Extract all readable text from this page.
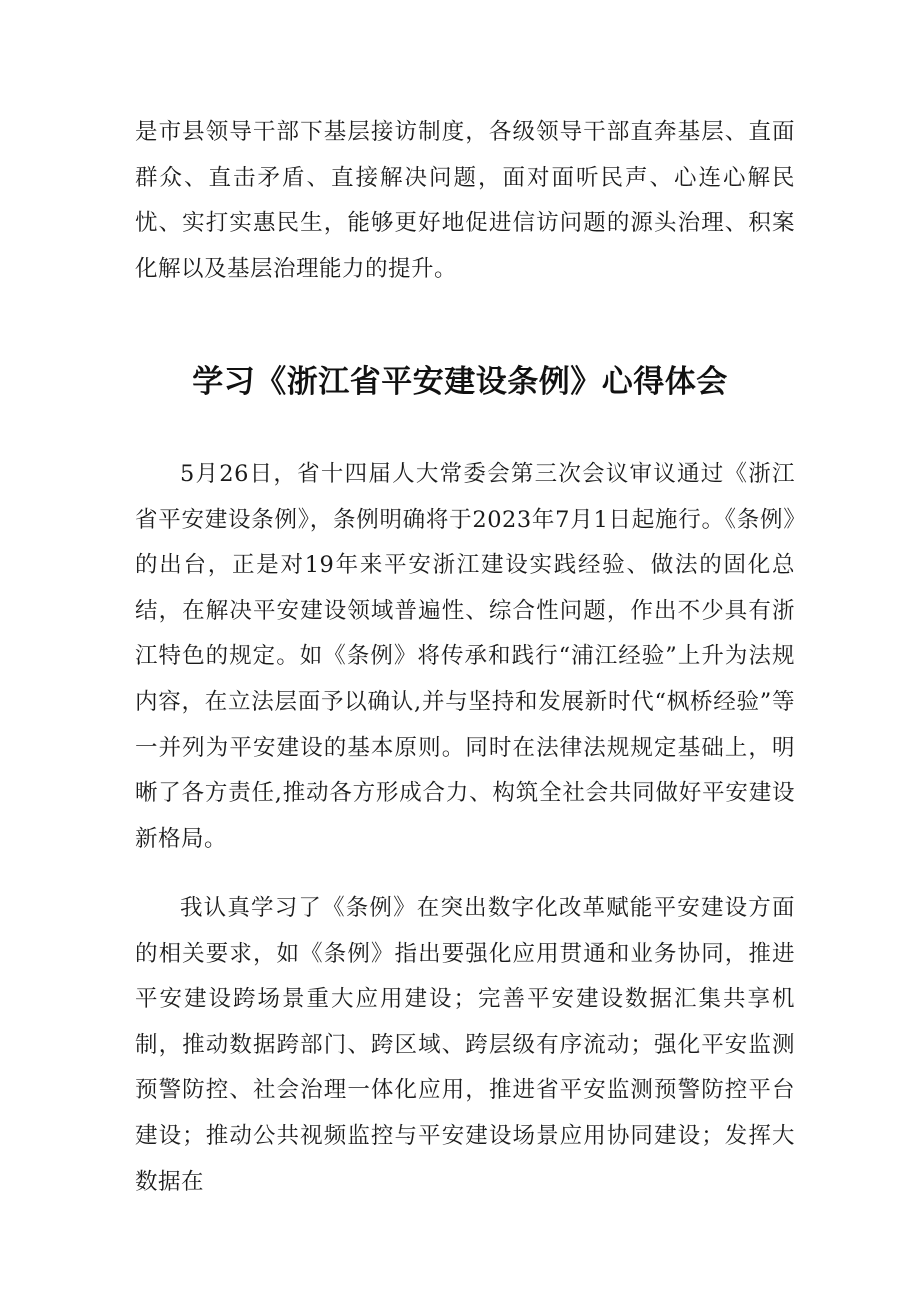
是市县领导干部下基层接访制度，各级领导干部直奔基层、直面群众、直击矛盾、直接解决问题，面对面听民声、心连心解民忧、实打实惠民生，能够更好地促进信访问题的源头治理、积案化解以及基层治理能力的提升。

学习《浙江省平安建设条例》心得体会

5月26日，省十四届人大常委会第三次会议审议通过《浙江省平安建设条例》，条例明确将于2023年7月1日起施行。《条例》的出台，正是对19年来平安浙江建设实践经验、做法的固化总结，在解决平安建设领域普遍性、综合性问题，作出不少具有浙江特色的规定。如《条例》将传承和践行“浦江经验”上升为法规内容，在立法层面予以确认,并与坚持和发展新时代“枫桥经验”等一并列为平安建设的基本原则。同时在法律法规规定基础上，明晰了各方责任,推动各方形成合力、构筑全社会共同做好平安建设新格局。

我认真学习了《条例》在突出数字化改革赋能平安建设方面的相关要求，如《条例》指出要强化应用贯通和业务协同，推进平安建设跨场景重大应用建设；完善平安建设数据汇集共享机制，推动数据跨部门、跨区域、跨层级有序流动；强化平安监测预警防控、社会治理一体化应用，推进省平安监测预警防控平台建设；推动公共视频监控与平安建设场景应用协同建设；发挥大数据在
